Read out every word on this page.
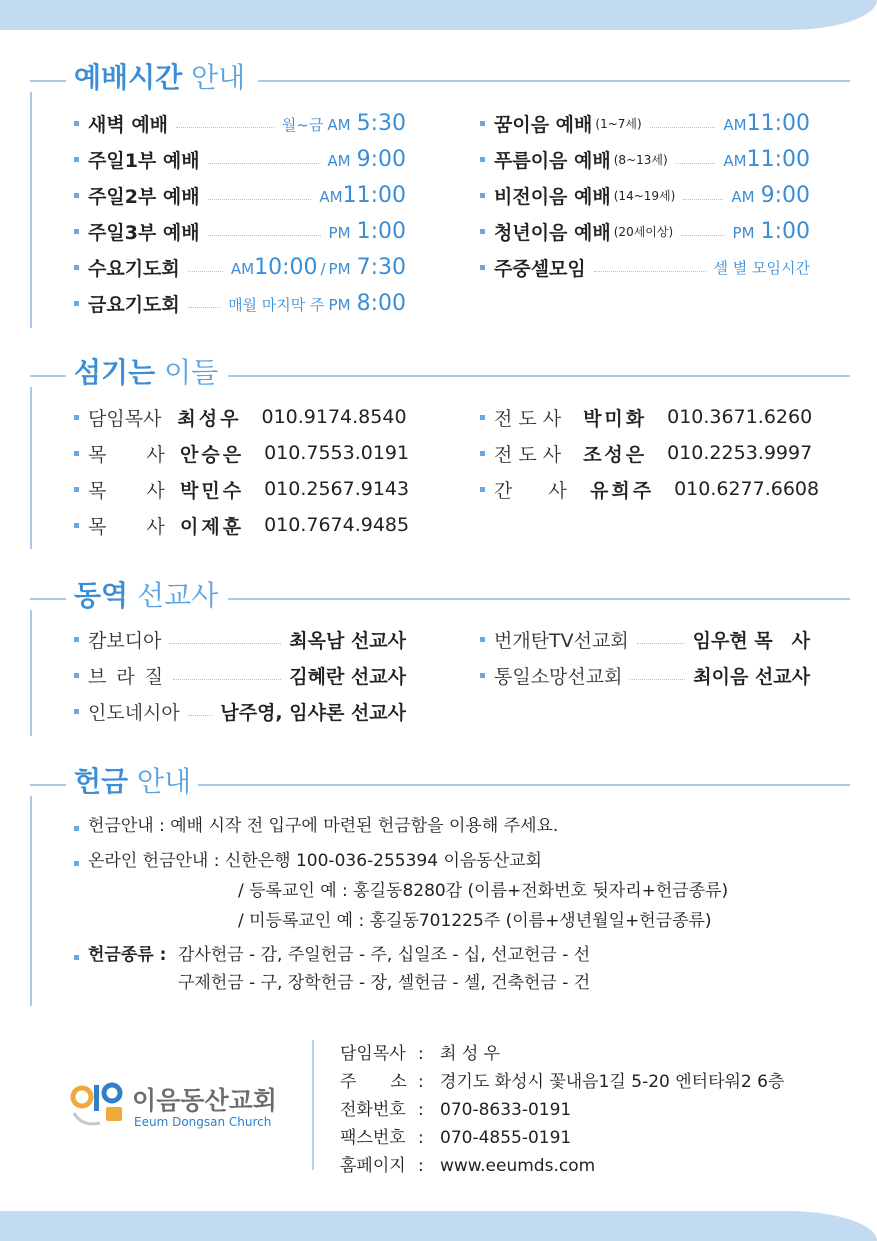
예배시간 안내
새벽 예배	월~금 AM 5:30
주일1부 예배	AM 9:00
주일2부 예배	AM11:00
주일3부 예배	PM 1:00
수요기도회	AM10:00 / PM 7:30
금요기도회	매월 마지막 주 PM 8:00
꿈이음 예배 (1~7세)	AM11:00
푸름이음 예배 (8~13세)	AM11:00
비전이음 예배 (14~19세)	AM 9:00
청년이음 예배 (20세이상)	PM 1:00
주중셀모임	셀 별 모임시간
섬기는 이들
담임목사 최성우 010.9174.8540
목 사 안승은 010.7553.0191
목 사 박민수 010.2567.9143
목 사 이제훈 010.7674.9485
전도사 박미화 010.3671.6260
전도사 조성은 010.2253.9997
간 사	유희주 010.6277.6608
동역 선교사
캄보디아	최옥남 선교사
브 라 질	김혜란 선교사
인도네시아 남주영, 임샤론 선교사
번개탄TV선교회	임우현 목　사
통일소망선교회	최이음 선교사
헌금 안내
헌금안내 : 예배 시작 전 입구에 마련된 헌금함을 이용해 주세요.
온라인 헌금안내 : 신한은행 100-036-255394 이음동산교회
/ 등록교인 예 : 홍길동8280감 (이름+전화번호 뒷자리+헌금종류)
/ 미등록교인 예 : 홍길동701225주 (이름+생년월일+헌금종류)
헌금종류 : 감사헌금 - 감, 주일헌금 - 주, 십일조 - 십, 선교헌금 - 선
구제헌금 - 구, 장학헌금 - 장, 셀헌금 - 셀, 건축헌금 - 건
이음동산교회
Eeum Dongsan Church
담임목사 : 최 성 우
주　　소 : 경기도 화성시 꽃내음1길 5-20 엔터타워2 6층
전화번호 : 070-8633-0191
팩스번호 : 070-4855-0191
홈페이지 : www.eeumds.com
